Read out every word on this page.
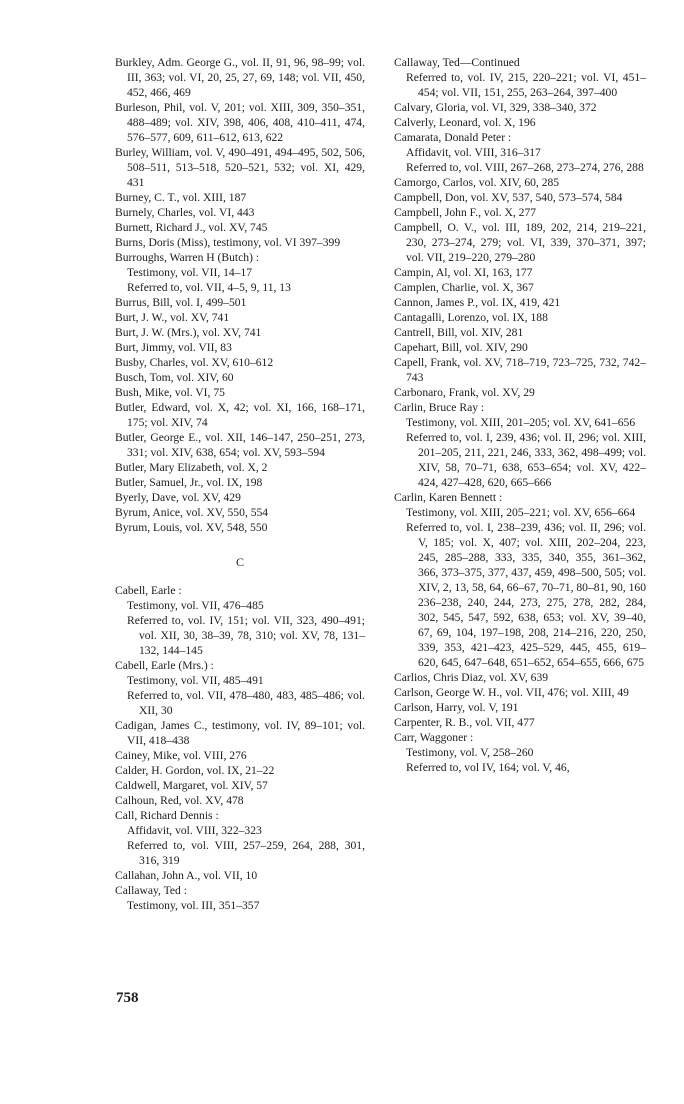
Burkley, Adm. George G., vol. II, 91, 96, 98–99; vol. III, 363; vol. VI, 20, 25, 27, 69, 148; vol. VII, 450, 452, 466, 469
Burleson, Phil, vol. V, 201; vol. XIII, 309, 350–351, 488–489; vol. XIV, 398, 406, 408, 410–411, 474, 576–577, 609, 611–612, 613, 622
Burley, William, vol. V, 490–491, 494–495, 502, 506, 508–511, 513–518, 520–521, 532; vol. XI, 429, 431
Burney, C. T., vol. XIII, 187
Burnely, Charles, vol. VI, 443
Burnett, Richard J., vol. XV, 745
Burns, Doris (Miss), testimony, vol. VI 397–399
Burroughs, Warren H (Butch) :
Testimony, vol. VII, 14–17
Referred to, vol. VII, 4–5, 9, 11, 13
Burrus, Bill, vol. I, 499–501
Burt, J. W., vol. XV, 741
Burt, J. W. (Mrs.), vol. XV, 741
Burt, Jimmy, vol. VII, 83
Busby, Charles, vol. XV, 610–612
Busch, Tom, vol. XIV, 60
Bush, Mike, vol. VI, 75
Butler, Edward, vol. X, 42; vol. XI, 166, 168–171, 175; vol. XIV, 74
Butler, George E., vol. XII, 146–147, 250–251, 273, 331; vol. XIV, 638, 654; vol. XV, 593–594
Butler, Mary Elizabeth, vol. X, 2
Butler, Samuel, Jr., vol. IX, 198
Byerly, Dave, vol. XV, 429
Byrum, Anice, vol. XV, 550, 554
Byrum, Louis, vol. XV, 548, 550
C
Cabell, Earle :
Testimony, vol. VII, 476–485
Referred to, vol. IV, 151; vol. VII, 323, 490–491; vol. XII, 30, 38–39, 78, 310; vol. XV, 78, 131–132, 144–145
Cabell, Earle (Mrs.) :
Testimony, vol. VII, 485–491
Referred to, vol. VII, 478–480, 483, 485–486; vol. XII, 30
Cadigan, James C., testimony, vol. IV, 89–101; vol. VII, 418–438
Cainey, Mike, vol. VIII, 276
Calder, H. Gordon, vol. IX, 21–22
Caldwell, Margaret, vol. XIV, 57
Calhoun, Red, vol. XV, 478
Call, Richard Dennis :
Affidavit, vol. VIII, 322–323
Referred to, vol. VIII, 257–259, 264, 288, 301, 316, 319
Callahan, John A., vol. VII, 10
Callaway, Ted :
Testimony, vol. III, 351–357
Callaway, Ted—Continued
Referred to, vol. IV, 215, 220–221; vol. VI, 451–454; vol. VII, 151, 255, 263–264, 397–400
Calvary, Gloria, vol. VI, 329, 338–340, 372
Calverly, Leonard, vol. X, 196
Camarata, Donald Peter :
Affidavit, vol. VIII, 316–317
Referred to, vol. VIII, 267–268, 273–274, 276, 288
Camorgo, Carlos, vol. XIV, 60, 285
Campbell, Don, vol. XV, 537, 540, 573–574, 584
Campbell, John F., vol. X, 277
Campbell, O. V., vol. III, 189, 202, 214, 219–221, 230, 273–274, 279; vol. VI, 339, 370–371, 397; vol. VII, 219–220, 279–280
Campin, Al, vol. XI, 163, 177
Camplen, Charlie, vol. X, 367
Cannon, James P., vol. IX, 419, 421
Cantagalli, Lorenzo, vol. IX, 188
Cantrell, Bill, vol. XIV, 281
Capehart, Bill, vol. XIV, 290
Capell, Frank, vol. XV, 718–719, 723–725, 732, 742–743
Carbonaro, Frank, vol. XV, 29
Carlin, Bruce Ray :
Testimony, vol. XIII, 201–205; vol. XV, 641–656
Referred to, vol. I, 239, 436; vol. II, 296; vol. XIII, 201–205, 211, 221, 246, 333, 362, 498–499; vol. XIV, 58, 70–71, 638, 653–654; vol. XV, 422–424, 427–428, 620, 665–666
Carlin, Karen Bennett :
Testimony, vol. XIII, 205–221; vol. XV, 656–664
Referred to, vol. I, 238–239, 436; vol. II, 296; vol. V, 185; vol. X, 407; vol. XIII, 202–204, 223, 245, 285–288, 333, 335, 340, 355, 361–362, 366, 373–375, 377, 437, 459, 498–500, 505; vol. XIV, 2, 13, 58, 64, 66–67, 70–71, 80–81, 90, 160 236–238, 240, 244, 273, 275, 278, 282, 284, 302, 545, 547, 592, 638, 653; vol. XV, 39–40, 67, 69, 104, 197–198, 208, 214–216, 220, 250, 339, 353, 421–423, 425–529, 445, 455, 619–620, 645, 647–648, 651–652, 654–655, 666, 675
Carlios, Chris Diaz, vol. XV, 639
Carlson, George W. H., vol. VII, 476; vol. XIII, 49
Carlson, Harry, vol. V, 191
Carpenter, R. B., vol. VII, 477
Carr, Waggoner :
Testimony, vol. V, 258–260
Referred to, vol IV, 164; vol. V, 46,
758
